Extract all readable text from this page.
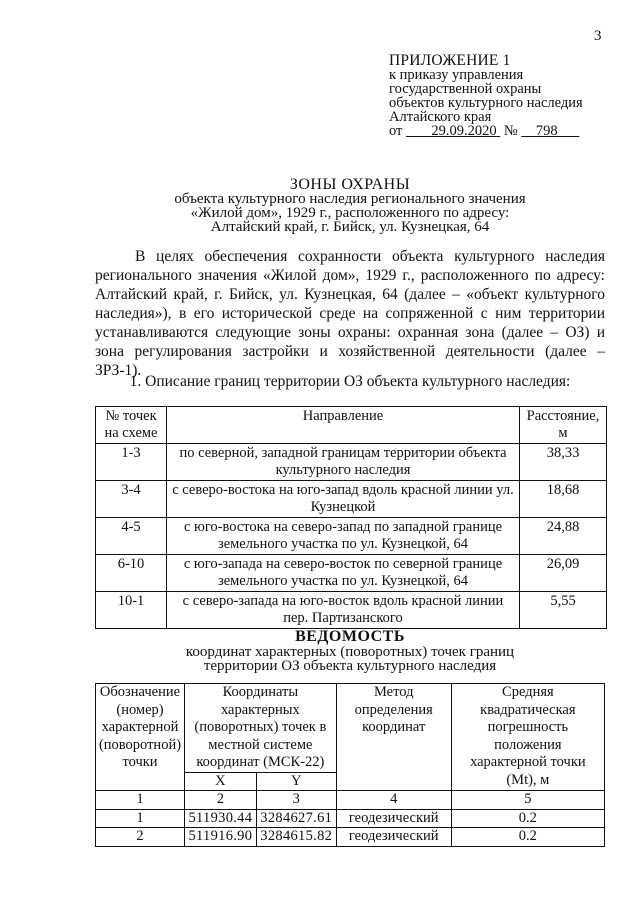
3
ПРИЛОЖЕНИЕ 1
к приказу управления
государственной охраны
объектов культурного наследия
Алтайского края
от 29.09.2020 № 798
ЗОНЫ ОХРАНЫ
объекта культурного наследия регионального значения
«Жилой дом», 1929 г., расположенного по адресу:
Алтайский край, г. Бийск, ул. Кузнецкая, 64
В целях обеспечения сохранности объекта культурного наследия регионального значения «Жилой дом», 1929 г., расположенного по адресу: Алтайский край, г. Бийск, ул. Кузнецкая, 64 (далее – «объект культурного наследия»), в его исторической среде на сопряженной с ним территории устанавливаются следующие зоны охраны: охранная зона (далее – ОЗ) и зона регулирования застройки и хозяйственной деятельности (далее – ЗРЗ-1).
1. Описание границ территории ОЗ объекта культурного наследия:
№ точек на схеме	Направление	Расстояние, м
1-3	по северной, западной границам территории объекта культурного наследия	38,33
3-4	с северо-востока на юго-запад вдоль красной линии ул. Кузнецкой	18,68
4-5	с юго-востока на северо-запад по западной границе земельного участка по ул. Кузнецкой, 64	24,88
6-10	с юго-запада на северо-восток по северной границе земельного участка по ул. Кузнецкой, 64	26,09
10-1	с северо-запада на юго-восток вдоль красной линии пер. Партизанского	5,55
ВЕДОМОСТЬ
координат характерных (поворотных) точек границ
территории ОЗ объекта культурного наследия
Обозначение (номер) характерной (поворотной) точки	Координаты характерных (поворотных) точек в местной системе координат (МСК-22)		Метод определения координат	Средняя квадратическая погрешность положения характерной точки (Mt), м
	X	Y		
1	2	3	4	5
1	511930.44	3284627.61	геодезический	0.2
2	511916.90	3284615.82	геодезический	0.2
